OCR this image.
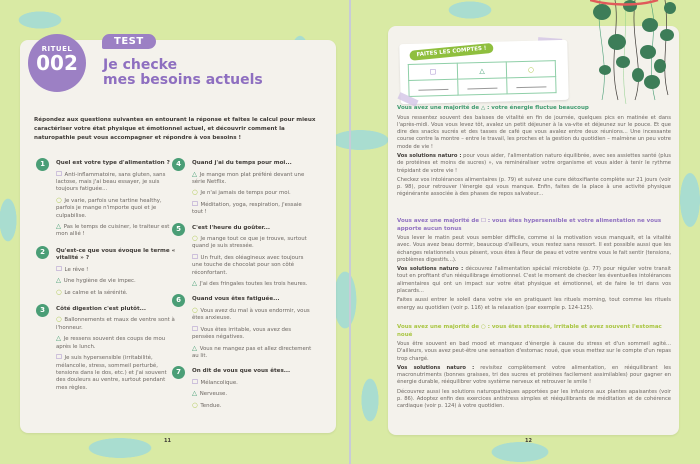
RITUEL
002
TEST
Je checke
mes besoins actuels
Répondez aux questions suivantes en entourant la réponse et faites le calcul pour mieux caractériser votre état physique et émotionnel actuel, et découvrir comment la naturopathie peut vous accompagner et répondre à vos besoins !
1	Quel est votre type d'alimentation ?
☐ Anti-inflammatoire, sans gluten, sans lactose, mais j'ai beau essayer, je suis toujours fatiguée...
○ Je varie, parfois une tartine healthy, parfois je mange n'importe quoi et je culpabilise.
△ Pas le temps de cuisiner, le traiteur est mon allié !
2	Qu'est-ce que vous évoque le terme « vitalité » ?
☐ Le rêve !
△ Une hygiène de vie impec.
○ Le calme et la sérénité.
3	Côté digestion c'est plutôt...
○ Ballonnements et maux de ventre sont à l'honneur.
△ Je ressens souvent des coups de mou après le lunch.
☐ Je suis hypersensible (irritabilité, mélancolie, stress, sommeil perturbé, tensions dans le dos, etc.) et j'ai souvent des douleurs au ventre, surtout pendant mes règles.
4	Quand j'ai du temps pour moi...
△ Je mange mon plat préféré devant une série Netflix.
○ Je n'ai jamais de temps pour moi.
☐ Méditation, yoga, respiration, j'essaie tout !
5	C'est l'heure du goûter...
○ Je mange tout ce que je trouve, surtout quand je suis stressée.
☐ Un fruit, des oléagineux avec toujours une touche de chocolat pour son côté réconfortant.
△ J'ai des fringales toutes les trois heures.
6	Quand vous êtes fatiguée...
○ Vous avez du mal à vous endormir, vous êtes anxieuse.
☐ Vous êtes irritable, vous avez des pensées négatives.
△ Vous ne mangez pas et allez directement au lit.
7	On dit de vous que vous êtes...
☐ Mélancolique.
△ Nerveuse.
○ Tendue.
11
FAITES LES COMPTES !
☐	△	○

Vous avez une majorité de △ : votre énergie fluctue beaucoup

Vous ressentez souvent des baisses de vitalité en fin de journée, quelques pics en matinée et dans l'après-midi. Vous vous levez tôt, avalez un petit déjeuner à la va-vite et déjeunez sur le pouce. Et que dire des snacks sucrés et des tasses de café que vous avalez entre deux réunions... Une incessante course contre la montre – entre le travail, les proches et la gestion du quotidien – malmène un peu votre mode de vie !

Vos solutions naturo : pour vous aider, l'alimentation naturo équilibrée, avec ses assiettes santé (plus de protéines et moins de sucres) », va reminéraliser votre organisme et vous aider à tenir le rythme trépidant de votre vie !

Checkez vos intolérances alimentaires (p. 79) et suivez une cure détoxifiante complète sur 21 jours (voir p. 98), pour retrouver l'énergie qui vous manque. Enfin, faites de la place à une activité physique régénérante associée à des phases de repos salvateur...

Vous avez une majorité de ☐ : vous êtes hypersensible et votre alimentation ne vous apporte aucun tonus

Vous lever le matin peut vous sembler difficile, comme si la motivation vous manquait, et la vitalité avec. Vous avez beau dormir, beaucoup d'ailleurs, vous restez sans ressort. Il est possible aussi que les échanges relationnels vous pèsent, vous êtes à fleur de peau et votre ventre vous le fait sentir (tensions, problèmes digestifs...).

Vos solutions naturo : découvrez l'alimentation spécial microbiote (p. 77) pour réguler votre transit tout en profitant d'un rééquilibrage émotionnel. C'est le moment de checker les éventuelles intolérances alimentaires qui ont un impact sur votre état physique et émotionnel, et de faire le tri dans vos placards...

Faites aussi entrer le soleil dans votre vie en pratiquant les rituels morning, tout comme les rituels energy au quotidien (voir p. 116) et la relaxation (par exemple p. 124-125).

Vous avez une majorité de ○ : vous êtes stressée, irritable et avez souvent l'estomac noué

Vous être souvent en bad mood et manquez d'énergie à cause du stress et d'un sommeil agité... D'ailleurs, vous avez peut-être une sensation d'estomac noué, que vous mettez sur le compte d'un repas trop chargé.

Vos solutions naturo : revisitez complètement votre alimentation, en rééquilibrant les macronutriments (bonnes graisses, tri des sucres et protéines facilement assimilables) pour gagner en énergie durable, rééquilibrer votre système nerveux et retrouver le smile !

Découvrez aussi les solutions naturopathiques apportées par les infusions aux plantes apaisantes (voir p. 86). Adoptez enfin des exercices antistress simples et rééquilibrants de méditation et de cohérence cardiaque (voir p. 124) à votre quotidien.

12
